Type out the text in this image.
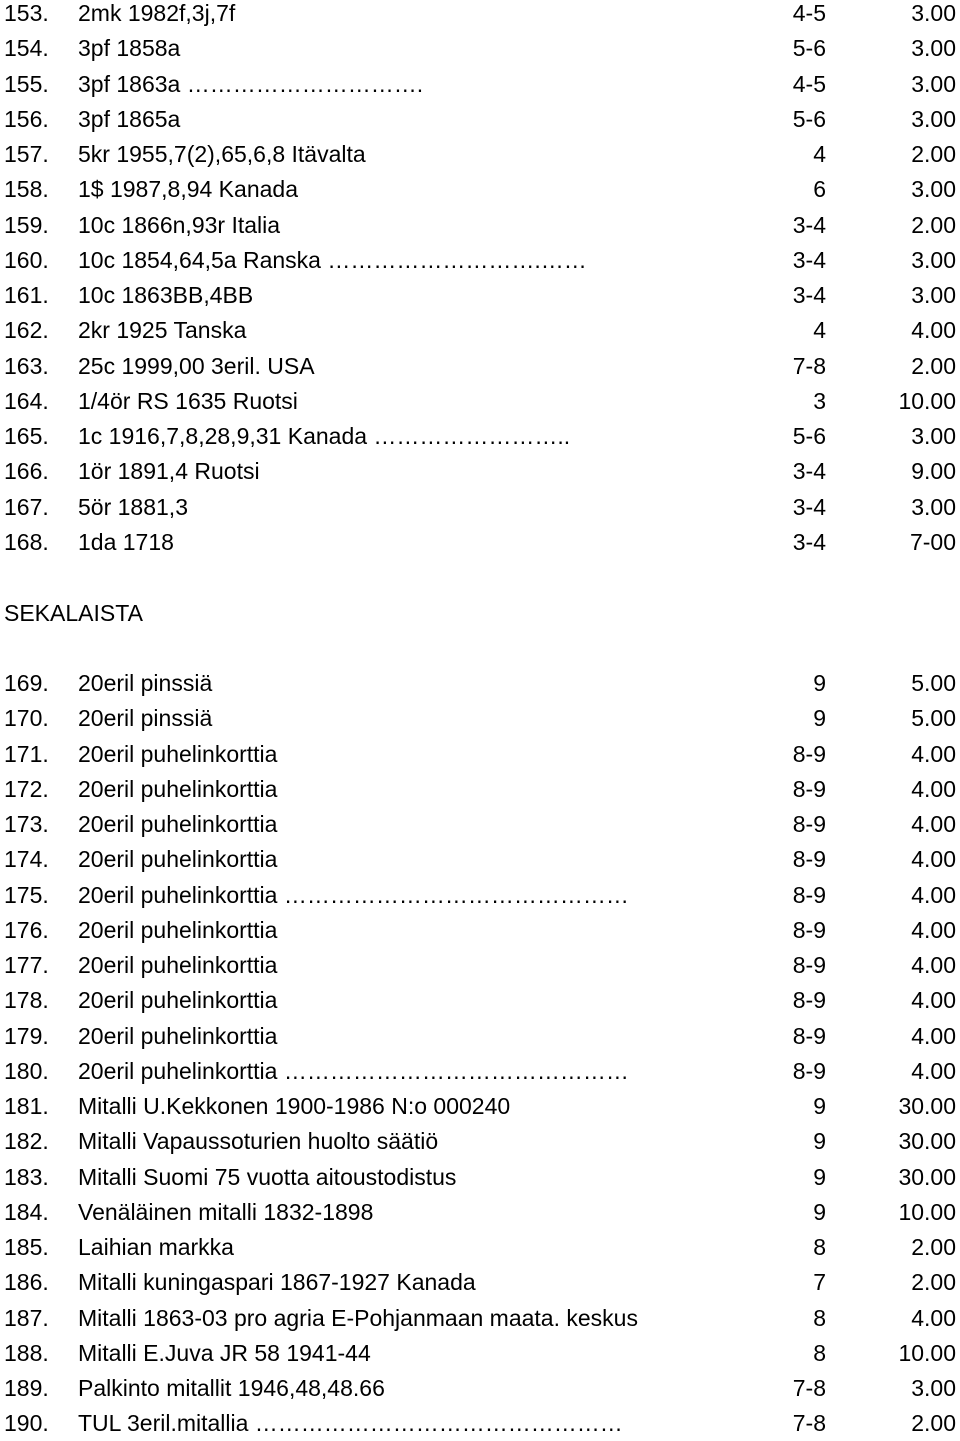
153. 2mk 1982f,3j,7f	4-5	3.00
154. 3pf 1858a	5-6	3.00
155. 3pf 1863a ………………………….	4-5	3.00
156. 3pf 1865a	5-6	3.00
157. 5kr 1955,7(2),65,6,8 Itävalta	4	2.00
158. 1$ 1987,8,94 Kanada	6	3.00
159. 10c 1866n,93r Italia	3-4	2.00
160. 10c 1854,64,5a Ranska ……………………….……	3-4	3.00
161. 10c 1863BB,4BB	3-4	3.00
162. 2kr 1925 Tanska	4	4.00
163. 25c 1999,00 3eril. USA	7-8	2.00
164. 1/4ör RS 1635 Ruotsi	3	10.00
165. 1c 1916,7,8,28,9,31 Kanada ……………………..	5-6	3.00
166. 1ör 1891,4 Ruotsi	3-4	9.00
167. 5ör 1881,3	3-4	3.00
168. 1da 1718	3-4	7-00
SEKALAISTA
169. 20eril pinssiä	9	5.00
170. 20eril pinssiä	9	5.00
171. 20eril puhelinkorttia	8-9	4.00
172. 20eril puhelinkorttia	8-9	4.00
173. 20eril puhelinkorttia	8-9	4.00
174. 20eril puhelinkorttia	8-9	4.00
175. 20eril puhelinkorttia ………………………………………	8-9	4.00
176. 20eril puhelinkorttia	8-9	4.00
177. 20eril puhelinkorttia	8-9	4.00
178. 20eril puhelinkorttia	8-9	4.00
179. 20eril puhelinkorttia	8-9	4.00
180. 20eril puhelinkorttia ………………………………………	8-9	4.00
181. Mitalli U.Kekkonen 1900-1986 N:o 000240	9	30.00
182. Mitalli Vapaussoturien huolto säätiö	9	30.00
183. Mitalli Suomi 75 vuotta aitoustodistus	9	30.00
184. Venäläinen mitalli 1832-1898	9	10.00
185. Laihian markka	8	2.00
186. Mitalli kuningaspari 1867-1927 Kanada	7	2.00
187. Mitalli 1863-03 pro agria E-Pohjanmaan maata. keskus	8	4.00
188. Mitalli E.Juva JR 58 1941-44	8	10.00
189. Palkinto mitallit 1946,48,48.66	7-8	3.00
190. TUL 3eril.mitallia …………………………………………	7-8	2.00
